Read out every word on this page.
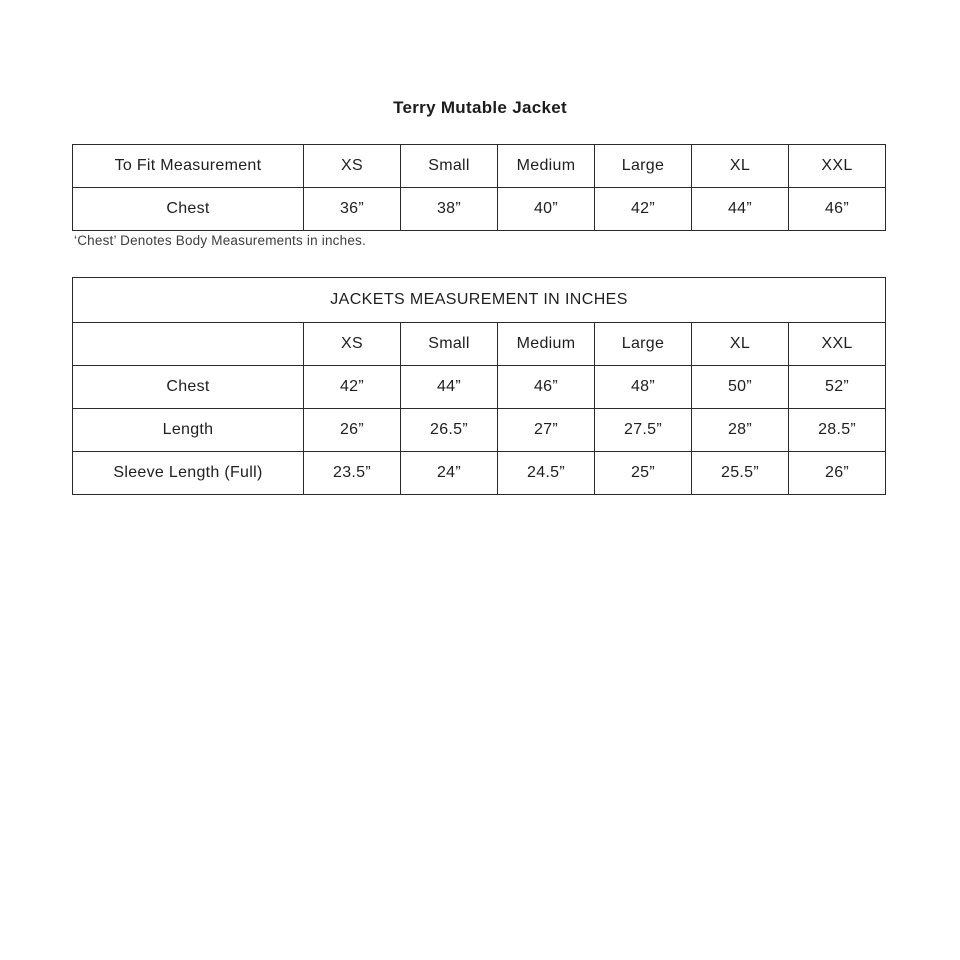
Terry Mutable Jacket
To Fit Measurement	XS	Small	Medium	Large	XL	XXL
Chest	36”	38”	40”	42”	44”	46”
‘Chest’ Denotes Body Measurements in inches.
JACKETS MEASUREMENT IN INCHES						
	XS	Small	Medium	Large	XL	XXL
Chest	42”	44”	46”	48”	50”	52”
Length	26”	26.5”	27”	27.5”	28”	28.5”
Sleeve Length (Full)	23.5”	24”	24.5”	25”	25.5”	26”
